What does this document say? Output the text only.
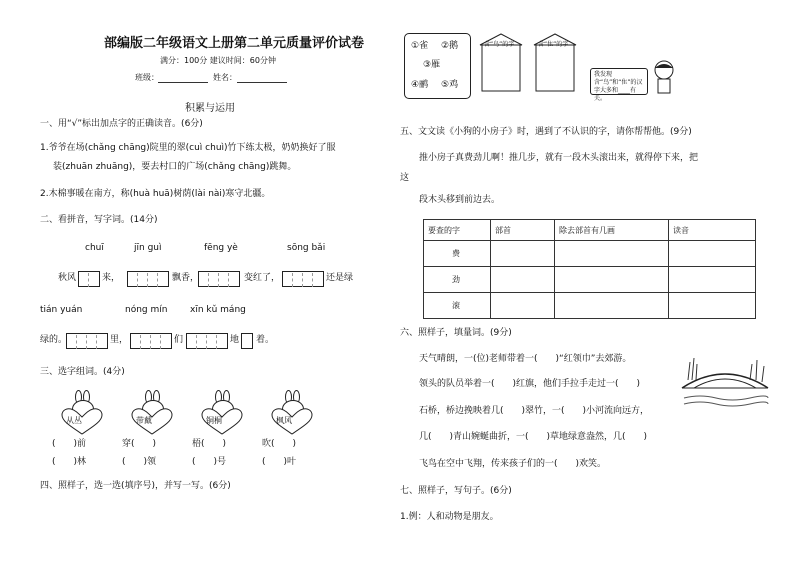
部编版二年级语文上册第二单元质量评价试卷
满分：100分 建议时间：60分钟
班级：	姓名：
积累与运用
一、用“√”标出加点字的正确读音。(6分)
1.爷爷在场(chǎng chāng)院里的翠(cuì chuì)竹下练太极，奶奶换好了服
装(zhuān zhuāng)，要去村口的广场(chǎng chāng)跳舞。
2.木棉事暖在南方，称(huà huā)树荫(lài nài)寒守北疆。
二、看拼音，写字词。(14分)
chuī	jīn guì	fēng yè	sōng bǎi
秋风	来，	飘香，	变红了，	还是绿
tián yuán	nóng mín	xīn kǔ máng
绿的。	里，	们	地 着。
三、选字组词。(4分)
从丛
(　　)前
(　　)林
带戴
穿(　　)
(　　)领
铜桐
梧(　　)
(　　)号
枫风
吹(　　)
(　　)叶
四、照样子，选一选(填序号)，并写一写。(6分)
①雀 ②鹅
③雁
④鹂 ⑤鸡
含“鸟”的字	含“隹”的字
我发现含“鸟”和“隹”的汉字大多和____有关。
五、文文读《小狗的小房子》时，遇到了不认识的字，请你帮帮他。(9分)
推小房子真费劲儿啊！推几步，就有一段木头滚出来，就得停下来，把
这
段木头移到前边去。
要查的字	部首	除去部首有几画	读音
费			
劲			
滚			
六、照样子，填量词。(9分)
天气晴朗，一(位)老师带着一(　　)“红领巾”去郊游。
领头的队员举着一(　　)红旗，他们手拉手走过一(　　)
石桥，桥边挽映着几(　　)翠竹，一(　　)小河流向远方，
几(　　)青山婉蜒曲折，一(　　)草地绿意盎然，几(　　)
飞鸟在空中飞翔，传来孩子们的一(　　)欢笑。
七、照样子，写句子。(6分)
1.例：人和动物是朋友。
